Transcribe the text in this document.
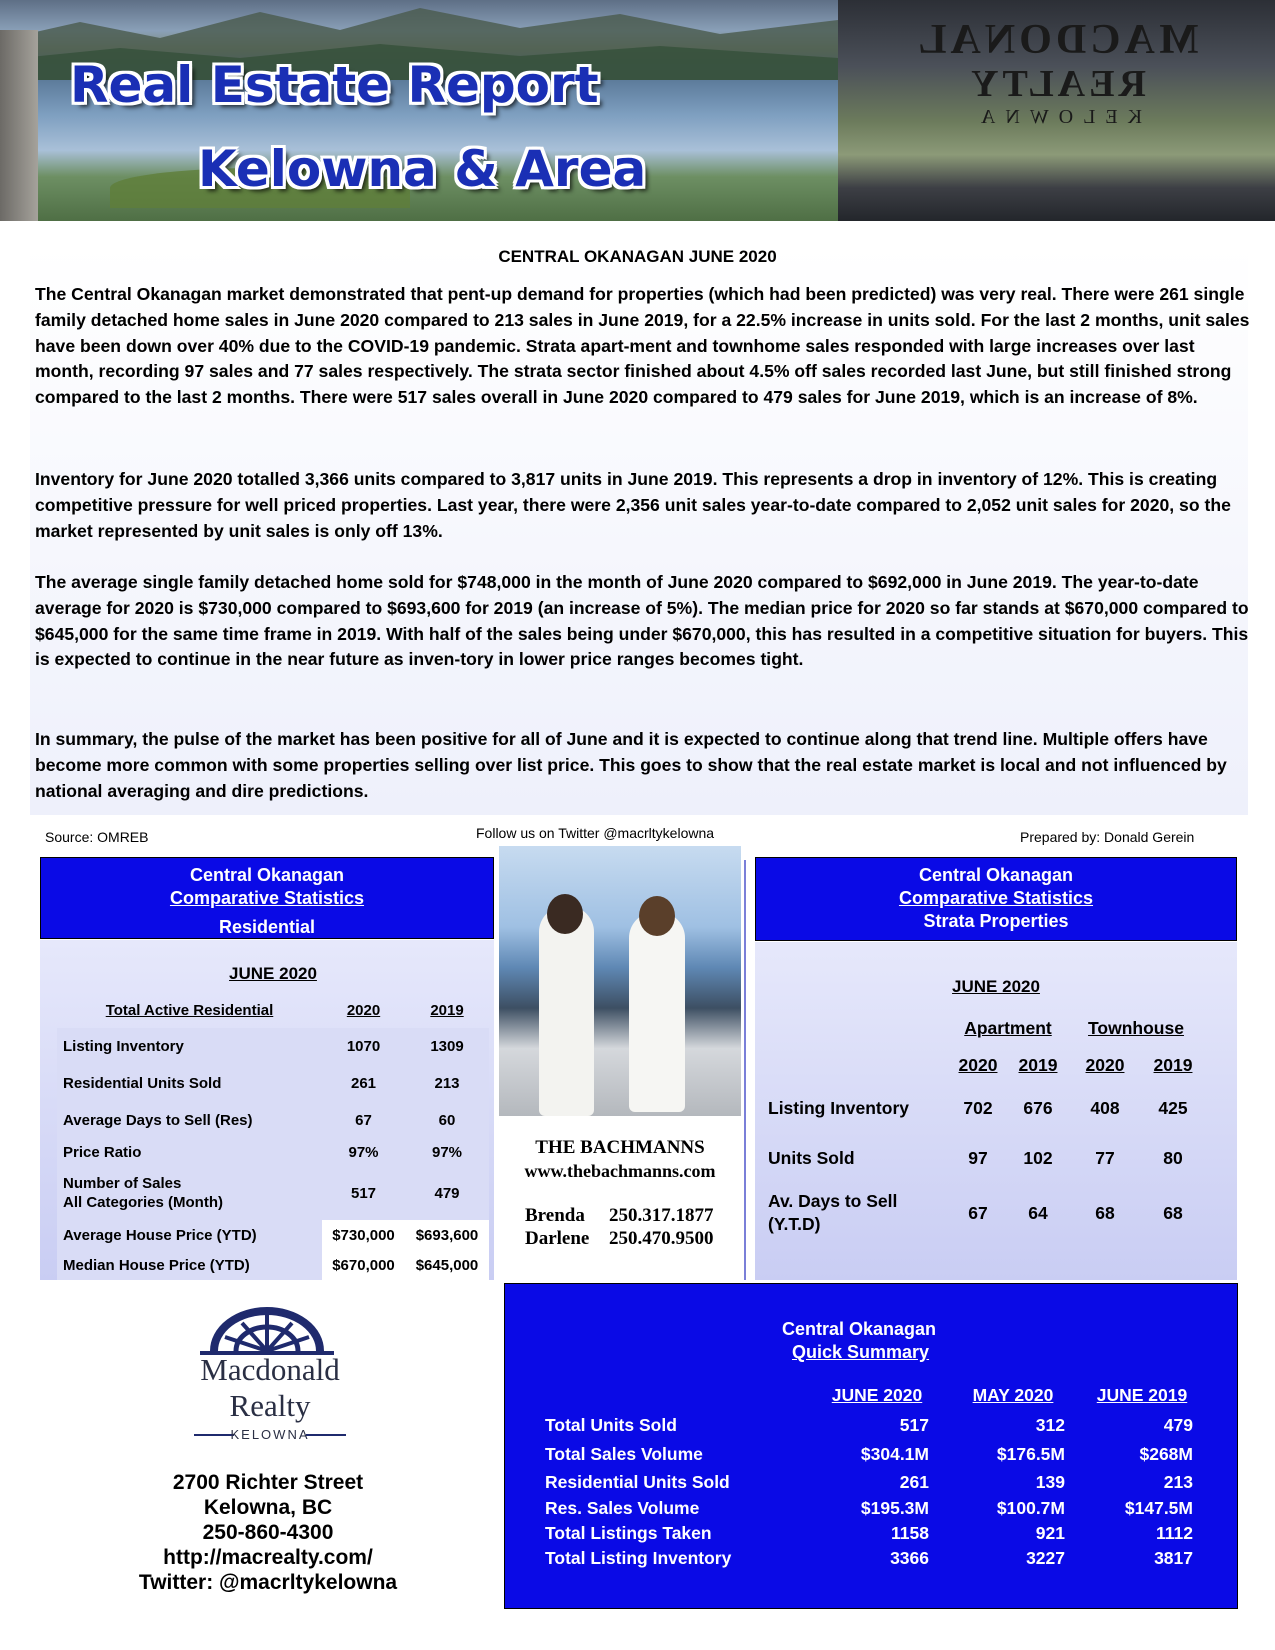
MACDONAL
REALTY
KELOWNA
Real Estate Report
Kelowna & Area
CENTRAL OKANAGAN JUNE 2020
The Central Okanagan market demonstrated that pent-up demand for properties (which had been predicted) was very real. There were 261 single family detached home sales in June 2020 compared to 213 sales in June 2019, for a 22.5% increase in units sold. For the last 2 months, unit sales have been down over 40% due to the COVID-19 pandemic. Strata apart-ment and townhome sales responded with large increases over last month, recording 97 sales and 77 sales respectively. The strata sector finished about 4.5% off sales recorded last June, but still finished strong compared to the last 2 months. There were 517 sales overall in June 2020 compared to 479 sales for June 2019, which is an increase of 8%.
Inventory for June 2020 totalled 3,366 units compared to 3,817 units in June 2019. This represents a drop in inventory of 12%. This is creating competitive pressure for well priced properties. Last year, there were 2,356 unit sales year-to-date compared to 2,052 unit sales for 2020, so the market represented by unit sales is only off 13%.
The average single family detached home sold for $748,000 in the month of June 2020 compared to $692,000 in June 2019. The year-to-date average for 2020 is $730,000 compared to $693,600 for 2019 (an increase of 5%). The median price for 2020 so far stands at $670,000 compared to $645,000 for the same time frame in 2019. With half of the sales being under $670,000, this has resulted in a competitive situation for buyers. This is expected to continue in the near future as inven-tory in lower price ranges becomes tight.
In summary, the pulse of the market has been positive for all of June and it is expected to continue along that trend line. Multiple offers have become more common with some properties selling over list price. This goes to show that the real estate market is local and not influenced by national averaging and dire predictions.
Source: OMREB	Follow us on Twitter @macrltykelowna	Prepared by: Donald Gerein
Central Okanagan
Comparative Statistics
Residential
JUNE 2020
Total Active Residential	2020	2019
Listing Inventory	1070	1309
Residential Units Sold	261	213
Average Days to Sell (Res)	67	60
Price Ratio	97%	97%
Number of Sales
All Categories (Month)	517	479
Average House Price (YTD)	$730,000	$693,600
Median House Price (YTD)	$670,000	$645,000
THE BACHMANNS
www.thebachmanns.com
Brenda 250.317.1877
Darlene 250.470.9500
Central Okanagan
Comparative Statistics
Strata Properties
JUNE 2020
	Apartment		Townhouse	
	2020	2019	2020	2019
Listing Inventory	702	676	408	425
Units Sold	97	102	77	80
Av. Days to Sell
(Y.T.D)	67	64	68	68
Macdonald
Realty
KELOWNA
2700 Richter Street
Kelowna, BC
250-860-4300
http://macrealty.com/
Twitter: @macrltykelowna
Central Okanagan
Quick Summary
	JUNE 2020	MAY 2020	JUNE 2019
Total Units Sold	517	312	479
Total Sales Volume	$304.1M	$176.5M	$268M
Residential Units Sold	261	139	213
Res. Sales Volume	$195.3M	$100.7M	$147.5M
Total Listings Taken	1158	921	1112
Total Listing Inventory	3366	3227	3817
